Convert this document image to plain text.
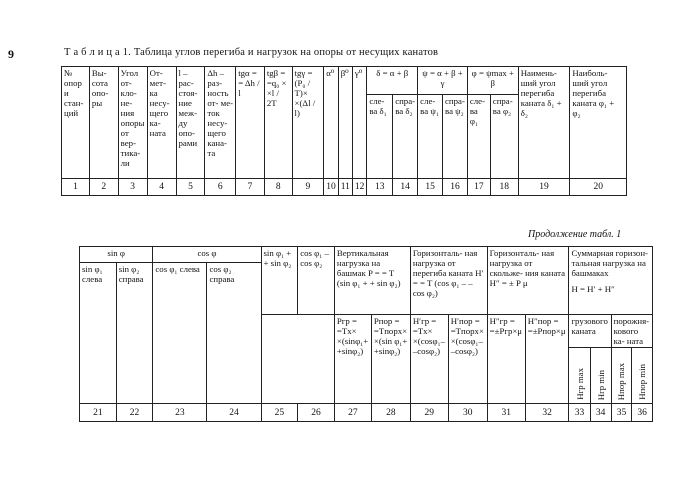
9	Т а б л и ц а 1. Таблица углов перегиба и нагрузок на опоры от несущих канатов
№ опор и стан- ций	Вы- сота опо- ры	Угол от- кло- не- ния опоры от вер- тика- ли	От- мет- ка несу- щего ка- ната	l – рас- стоя- ние меж- ду опо- рами	Δh – раз- ность от- ме- ток несу- щего кана- та	tgα = = Δh / l	tgβ = =q₀ × ×l / 2T	tgγ = (P₀ / T)× ×(Δl / l)	α⁰	β⁰	γ⁰	δ = α + β		ψ = α + β + γ		φ = ψmax + β		Наимень- ший угол перегиба каната δ₁ + δ₂	Наиболь- ший угол перегиба каната φ₁ + φ₂
												сле- ва δ₁	спра- ва δ₂	сле- ва ψ₁	спра- ва ψ₂	сле- ва φ₁	спра- ва φ₂		
1	2	3	4	5	6	7	8	9	10	11	12	13	14	15	16	17	18	19	20
Продолжение табл. 1
sin φ		cos φ		sin φ₁ + + sin φ₂	cos φ₁ – cos φ₂	Вертикальная нагрузка на башмак P = = T (sin φ₁ + + sin φ₂)		Горизонталь- ная нагрузка от перегиба каната H′ = = T (cos φ₁ – – cos φ₂)		Горизонталь- ная нагрузка от скольже- ния каната H″ = ± P μ		Суммарная горизон- тальная нагрузка на башмаках
H = H′ + H″			

sin φ₁ слева	sin φ₂ справа	cos φ₁ слева	cos φ₂ справа												
						Pгр = =Tx× ×(sinφ₁+ +sinφ₂)	Pпор = =Tпорx× ×(sin φ₁+ +sinφ₂)	H′гр = =Tx× ×(cosφ₁– –cosφ₂)	H′пор = =Tпорx× ×(cosφ₁– –cosφ₂)	H″гр = =±Pгр×μ	H″пор = =±Pпор×μ	грузового каната		порожня- кового ка- ната	
												Hгр max	Hгр min	Hпор max	Hпор min
21	22	23	24	25	26	27	28	29	30	31	32	33	34	35	36
